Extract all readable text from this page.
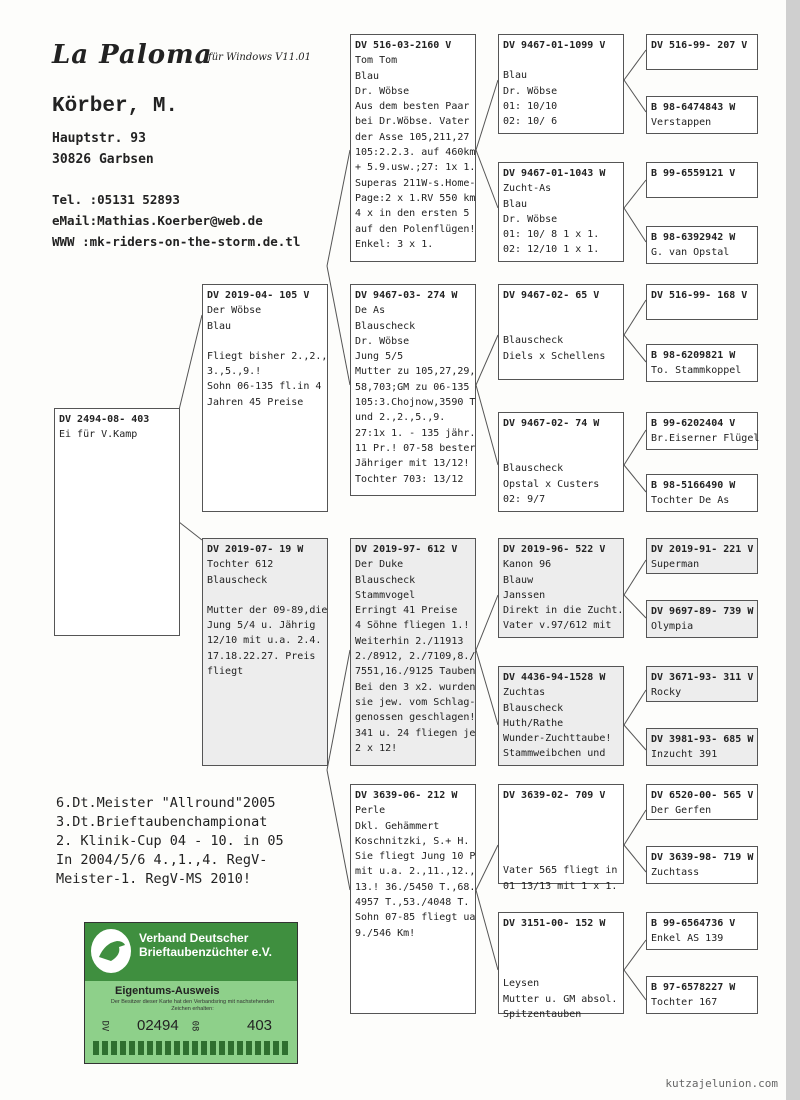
La Paloma
für Windows V11.01
Körber, M.
Hauptstr. 93
30826 Garbsen
Tel. :05131 52893
eMail:Mathias.Koerber@web.de
WWW :mk-riders-on-the-storm.de.tl
DV 2494-08- 403
Ei für V.Kamp
DV 2019-04- 105 V
Der Wöbse
Blau
Fliegt bisher 2.,2.,
3.,5.,9.!
Sohn 06-135 fl.in 4
Jahren 45 Preise
DV 2019-07- 19 W
Tochter 612
Blauscheck
Mutter der 09-89,die
Jung 5/4 u. Jährig
12/10 mit u.a. 2.4.
17.18.22.27. Preis
fliegt
DV 516-03-2160 V
Tom Tom
Blau
Dr. Wöbse
Aus dem besten Paar
bei Dr.Wöbse. Vater
der Asse 105,211,27
105:2.2.3. auf 460km
+ 5.9.usw.;27: 1x 1.
Superas 211W-s.Home-
Page:2 x 1.RV 550 km
4 x in den ersten 5
auf den Polenflügen!
Enkel: 3 x 1.
DV 9467-03- 274 W
De As
Blauscheck
Dr. Wöbse
Jung 5/5
Mutter zu 105,27,29,
58,703;GM zu 06-135
105:3.Chojnow,3590 T
und 2.,2.,5.,9.
27:1x 1. - 135 jähr.
11 Pr.! 07-58 bester
Jähriger mit 13/12!
Tochter 703: 13/12
DV 2019-97- 612 V
Der Duke
Blauscheck
Stammvogel
Erringt 41 Preise
4 Söhne fliegen 1.!
Weiterhin 2./11913
2./8912, 2./7109,8./
7551,16./9125 Tauben
Bei den 3 x2. wurden
sie jew. vom Schlag-
genossen geschlagen!
341 u. 24 fliegen je
2 x 12!
DV 3639-06- 212 W
Perle
Dkl. Gehämmert
Koschnitzki, S.+ H.
Sie fliegt Jung 10 P
mit u.a. 2.,11.,12.,
13.! 36./5450 T.,68.
4957 T.,53./4048 T.
Sohn 07-85 fliegt ua
9./546 Km!
DV 9467-01-1099 V
Blau
Dr. Wöbse
01: 10/10
02: 10/ 6
DV 9467-01-1043 W
Zucht-As
Blau
Dr. Wöbse
01: 10/ 8 1 x 1.
02: 12/10 1 x 1.
DV 9467-02- 65 V
Blauscheck
Diels x Schellens
DV 9467-02- 74 W
Blauscheck
Opstal x Custers
02: 9/7
DV 2019-96- 522 V
Kanon 96
Blauw
Janssen
Direkt in die Zucht.
Vater v.97/612 mit
DV 4436-94-1528 W
Zuchtas
Blauscheck
Huth/Rathe
Wunder-Zuchttaube!
Stammweibchen und
DV 3639-02- 709 V
Vater 565 fliegt in
01 13/13 mit 1 x 1.
DV 3151-00- 152 W
Leysen
Mutter u. GM absol.
Spitzentauben
DV 516-99- 207 V
B 98-6474843 W
Verstappen
B 99-6559121 V
B 98-6392942 W
G. van Opstal
DV 516-99- 168 V
B 98-6209821 W
To. Stammkoppel
B 99-6202404 V
Br.Eiserner Flügel
B 98-5166490 W
Tochter De As
DV 2019-91- 221 V
Superman
DV 9697-89- 739 W
Olympia
DV 3671-93- 311 V
Rocky
DV 3981-93- 685 W
Inzucht 391
DV 6520-00- 565 V
Der Gerfen
DV 3639-98- 719 W
Zuchtass
B 99-6564736 V
Enkel AS 139
B 97-6578227 W
Tochter 167
6.Dt.Meister "Allround"2005
3.Dt.Brieftaubenchampionat
2. Klinik-Cup 04 - 10. in 05
In 2004/5/6 4.,1.,4. RegV-
Meister-1. RegV-MS 2010!
Verband Deutscher
Brieftaubenzüchter e.V.
Eigentums-Ausweis
Der Besitzer dieser Karte hat den Verbandsring mit nachstehenden Zeichen erhalten:
DV 02494 08	403
kutzajelunion.com
